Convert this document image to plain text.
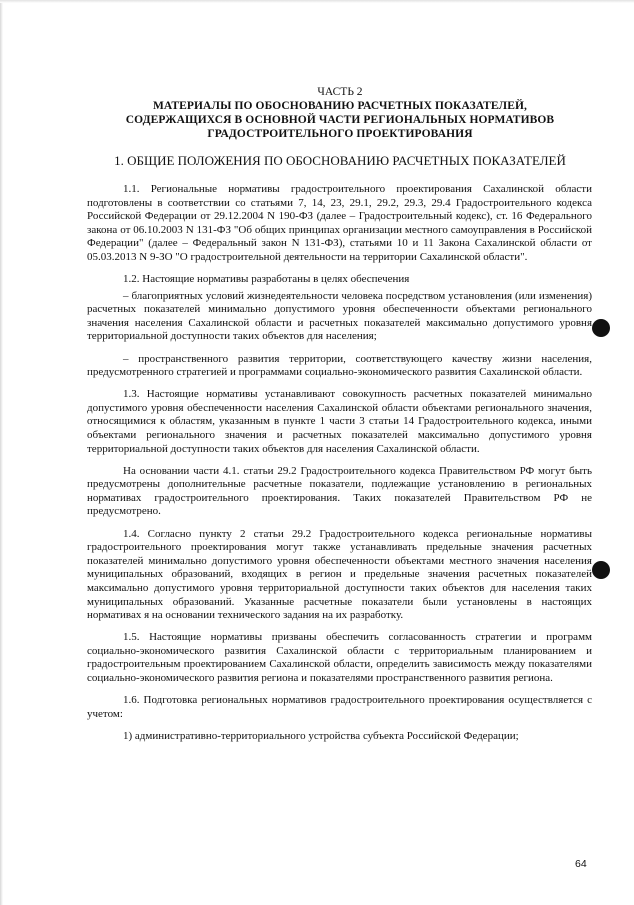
ЧАСТЬ 2
МАТЕРИАЛЫ ПО ОБОСНОВАНИЮ РАСЧЕТНЫХ ПОКАЗАТЕЛЕЙ,
СОДЕРЖАЩИХСЯ В ОСНОВНОЙ ЧАСТИ РЕГИОНАЛЬНЫХ НОРМАТИВОВ
ГРАДОСТРОИТЕЛЬНОГО ПРОЕКТИРОВАНИЯ
1. ОБЩИЕ ПОЛОЖЕНИЯ ПО ОБОСНОВАНИЮ РАСЧЕТНЫХ ПОКАЗАТЕЛЕЙ

1.1. Региональные нормативы градостроительного проектирования Сахалинской области подготовлены в соответствии со статьями 7, 14, 23, 29.1, 29.2, 29.3, 29.4 Градостроительного кодекса Российской Федерации от 29.12.2004 N 190-ФЗ (далее – Градостроительный кодекс), ст. 16 Федерального закона от 06.10.2003 N 131-ФЗ "Об общих принципах организации местного самоуправления в Российской Федерации" (далее – Федеральный закон N 131-ФЗ), статьями 10 и 11 Закона Сахалинской области от 05.03.2013 N 9-ЗО "О градостроительной деятельности на территории Сахалинской области".

1.2. Настоящие нормативы разработаны в целях обеспечения

– благоприятных условий жизнедеятельности человека посредством установления (или изменения) расчетных показателей минимально допустимого уровня обеспеченности объектами регионального значения населения Сахалинской области и расчетных показателей максимально допустимого уровня территориальной доступности таких объектов для населения;

– пространственного развития территории, соответствующего качеству жизни населения, предусмотренного стратегией и программами социально-экономического развития Сахалинской области.

1.3. Настоящие нормативы устанавливают совокупность расчетных показателей минимально допустимого уровня обеспеченности населения Сахалинской области объектами регионального значения, относящимися к областям, указанным в пункте 1 части 3 статьи 14 Градостроительного кодекса, иными объектами регионального значения и расчетных показателей максимально допустимого уровня территориальной доступности таких объектов для населения Сахалинской области.

На основании части 4.1. статьи 29.2 Градостроительного кодекса Правительством РФ могут быть предусмотрены дополнительные расчетные показатели, подлежащие установлению в региональных нормативах градостроительного проектирования. Таких показателей Правительством РФ не предусмотрено.

1.4. Согласно пункту 2 статьи 29.2 Градостроительного кодекса региональные нормативы градостроительного проектирования могут также устанавливать предельные значения расчетных показателей минимально допустимого уровня обеспеченности объектами местного значения населения муниципальных образований, входящих в регион и предельные значения расчетных показателей максимально допустимого уровня территориальной доступности таких объектов для населения таких муниципальных образований. Указанные расчетные показатели были установлены в настоящих нормативах я на основании технического задания на их разработку.

1.5. Настоящие нормативы призваны обеспечить согласованность стратегии и программ социально-экономического развития Сахалинской области с территориальным планированием и градостроительным проектированием Сахалинской области, определить зависимость между показателями социально-экономического развития региона и показателями пространственного развития региона.

1.6. Подготовка региональных нормативов градостроительного проектирования осуществляется с учетом:

1) административно-территориального устройства субъекта Российской Федерации;

64
